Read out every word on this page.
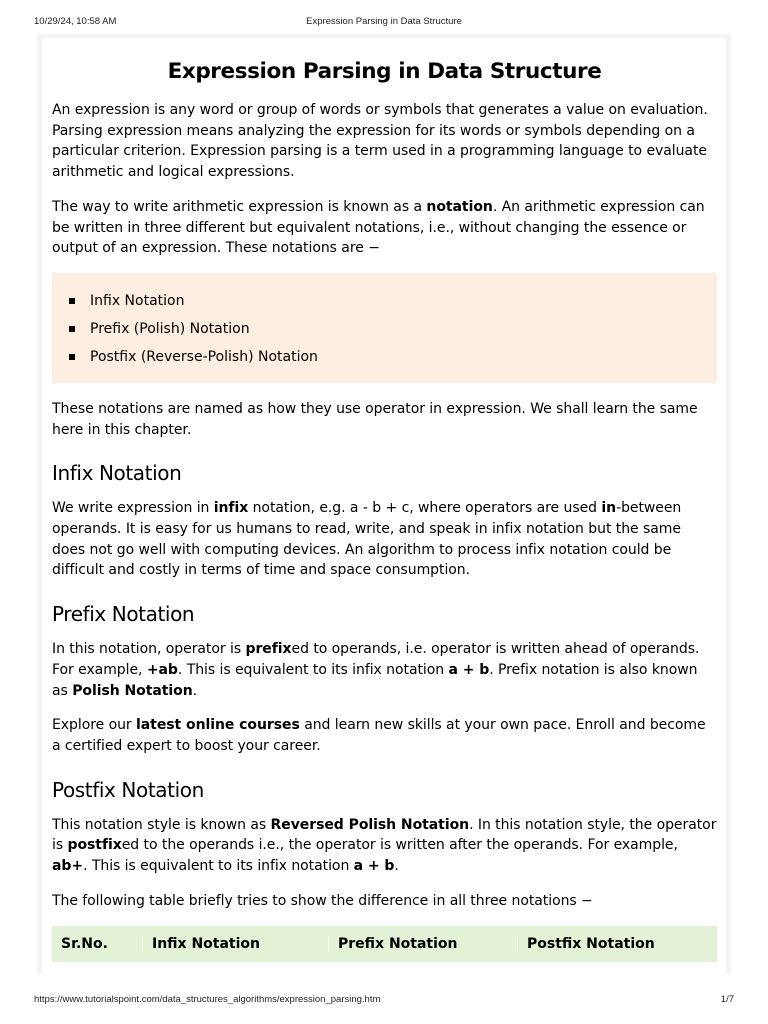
10/29/24, 10:58 AM	Expression Parsing in Data Structure
Expression Parsing in Data Structure

An expression is any word or group of words or symbols that generates a value on evaluation. Parsing expression means analyzing the expression for its words or symbols depending on a particular criterion. Expression parsing is a term used in a programming language to evaluate arithmetic and logical expressions.

The way to write arithmetic expression is known as a notation. An arithmetic expression can be written in three different but equivalent notations, i.e., without changing the essence or output of an expression. These notations are −

Infix Notation
Prefix (Polish) Notation
Postfix (Reverse-Polish) Notation

These notations are named as how they use operator in expression. We shall learn the same here in this chapter.

Infix Notation

We write expression in infix notation, e.g. a - b + c, where operators are used in-between operands. It is easy for us humans to read, write, and speak in infix notation but the same does not go well with computing devices. An algorithm to process infix notation could be difficult and costly in terms of time and space consumption.

Prefix Notation

In this notation, operator is prefixed to operands, i.e. operator is written ahead of operands. For example, +ab. This is equivalent to its infix notation a + b. Prefix notation is also known as Polish Notation.

Explore our latest online courses and learn new skills at your own pace. Enroll and become a certified expert to boost your career.

Postfix Notation

This notation style is known as Reversed Polish Notation. In this notation style, the operator is postfixed to the operands i.e., the operator is written after the operands. For example, ab+. This is equivalent to its infix notation a + b.

The following table briefly tries to show the difference in all three notations −

Sr.No.	Infix Notation	Prefix Notation	Postfix Notation
https://www.tutorialspoint.com/data_structures_algorithms/expression_parsing.htm	1/7
